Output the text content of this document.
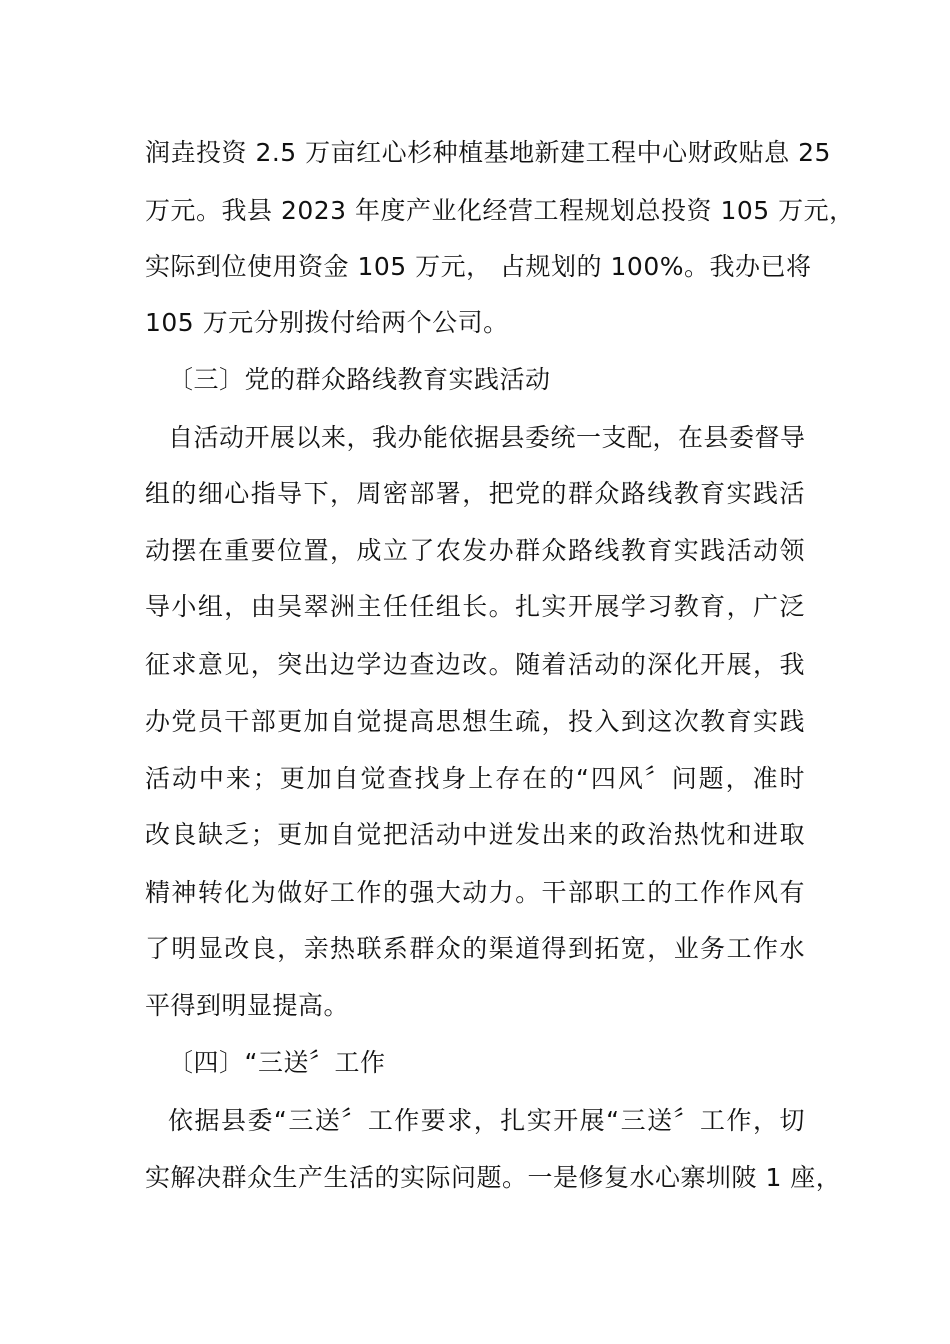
润垚投资 2.5 万亩红心杉种植基地新建工程中心财政贴息 25
万元。我县 2023 年度产业化经营工程规划总投资 105 万元，
实际到位使用资金 105 万元， 占规划的 100%。我办已将
105 万元分别拨付给两个公司。
〔三〕党的群众路线教育实践活动
自活动开展以来，我办能依据县委统一支配，在县委督导
组的细心指导下，周密部署，把党的群众路线教育实践活
动摆在重要位置，成立了农发办群众路线教育实践活动领
导小组，由吴翠洲主任任组长。扎实开展学习教育，广泛
征求意见，突出边学边查边改。随着活动的深化开展，我
办党员干部更加自觉提高思想生疏，投入到这次教育实践
活动中来；更加自觉查找身上存在的“四风〞问题，准时
改良缺乏；更加自觉把活动中迸发出来的政治热忱和进取
精神转化为做好工作的强大动力。干部职工的工作作风有
了明显改良，亲热联系群众的渠道得到拓宽，业务工作水
平得到明显提高。
〔四〕“三送〞工作
依据县委“三送〞工作要求，扎实开展“三送〞工作，切
实解决群众生产生活的实际问题。一是修复水心寨圳陂 1 座，
